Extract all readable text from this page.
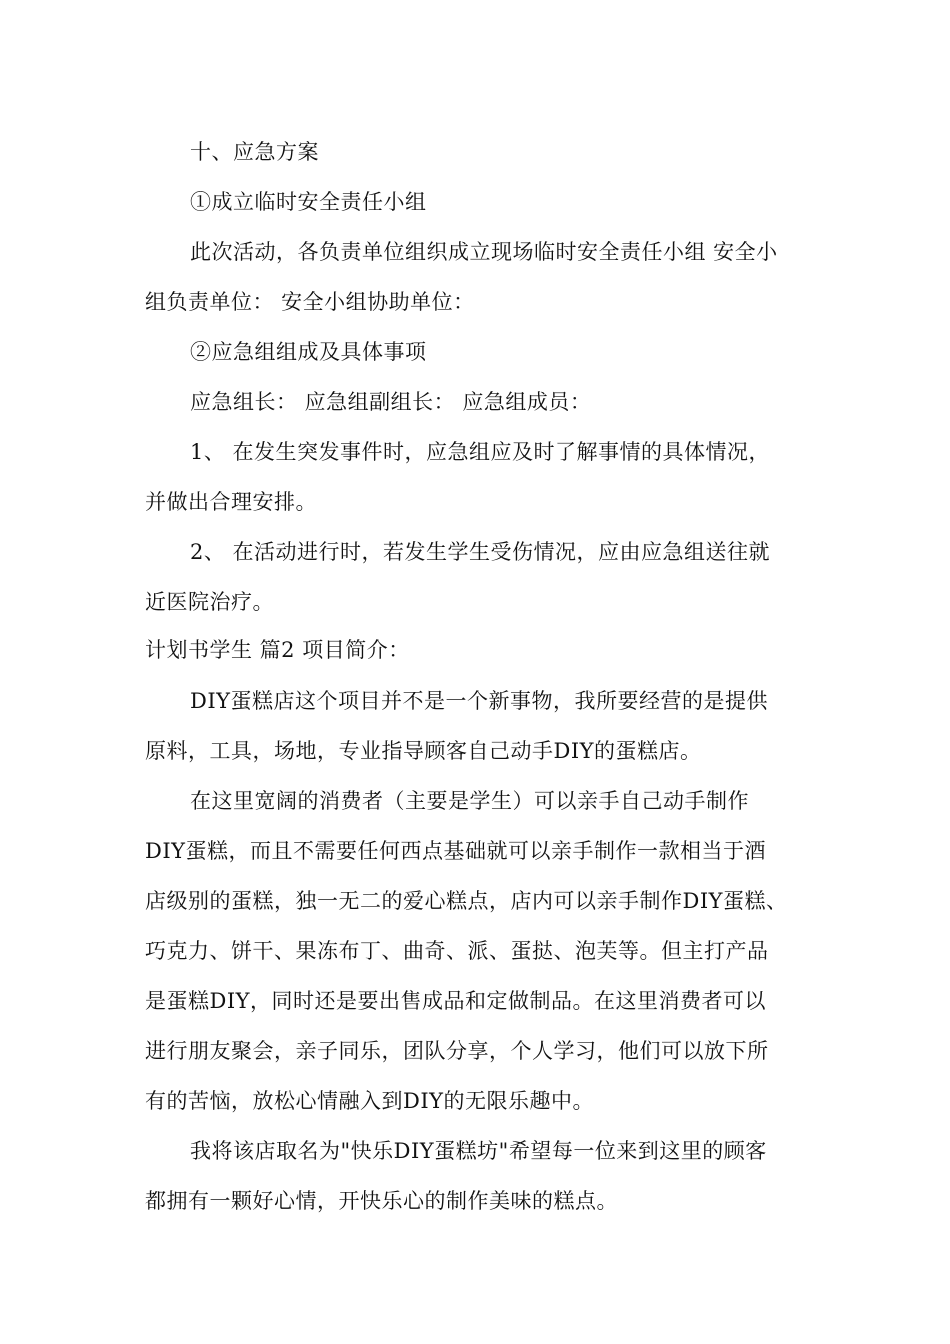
十、应急方案
①成立临时安全责任小组
此次活动，各负责单位组织成立现场临时安全责任小组 安全小
组负责单位： 安全小组协助单位：
②应急组组成及具体事项
应急组长： 应急组副组长： 应急组成员：
1、 在发生突发事件时，应急组应及时了解事情的具体情况，
并做出合理安排。
2、 在活动进行时，若发生学生受伤情况，应由应急组送往就
近医院治疗。
计划书学生 篇2 项目简介：
DIY蛋糕店这个项目并不是一个新事物，我所要经营的是提供
原料，工具，场地，专业指导顾客自己动手DIY的蛋糕店。
在这里宽阔的消费者（主要是学生）可以亲手自己动手制作
DIY蛋糕，而且不需要任何西点基础就可以亲手制作一款相当于酒
店级别的蛋糕，独一无二的爱心糕点，店内可以亲手制作DIY蛋糕、
巧克力、饼干、果冻布丁、曲奇、派、蛋挞、泡芙等。但主打产品
是蛋糕DIY，同时还是要出售成品和定做制品。在这里消费者可以
进行朋友聚会，亲子同乐，团队分享，个人学习，他们可以放下所
有的苦恼，放松心情融入到DIY的无限乐趣中。
我将该店取名为"快乐DIY蛋糕坊"希望每一位来到这里的顾客
都拥有一颗好心情，开快乐心的制作美味的糕点。
